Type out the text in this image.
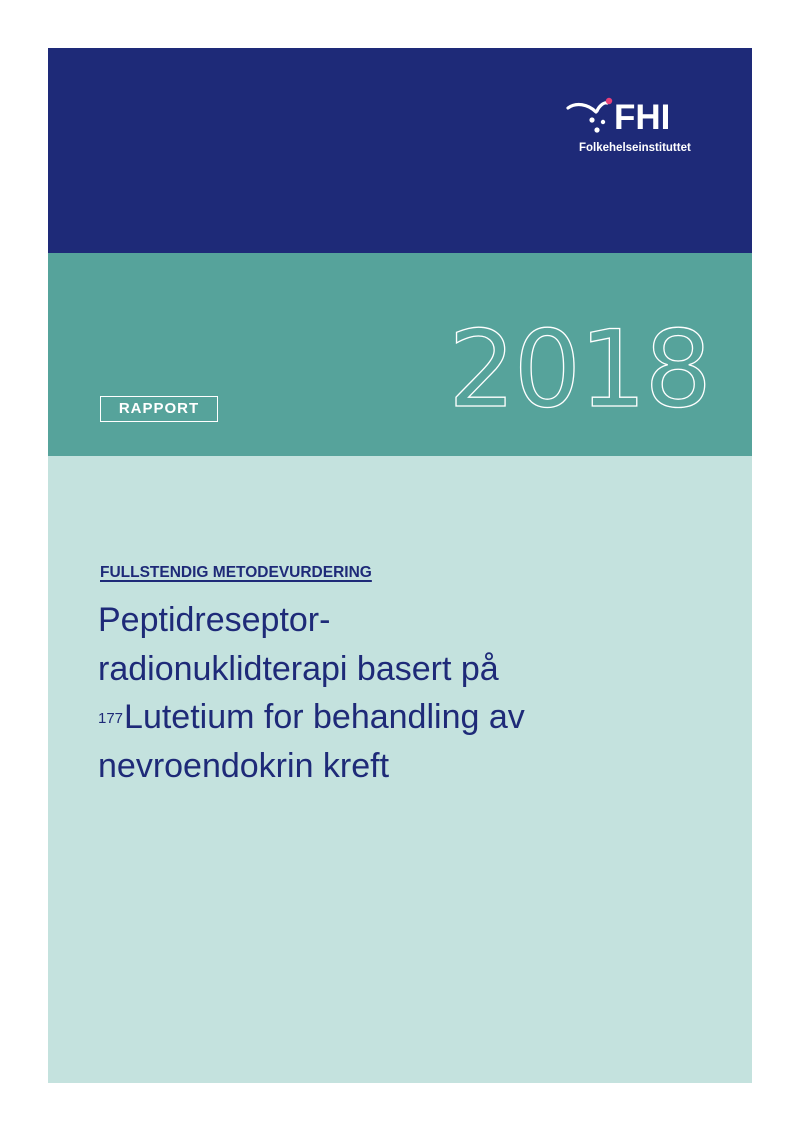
FHI
Folkehelseinstituttet
2018
RAPPORT
FULLSTENDIG METODEVURDERING
Peptidreseptor-
radionuklidterapi basert på
$^{177}$Lutetium for behandling av
nevroendokrin kreft
